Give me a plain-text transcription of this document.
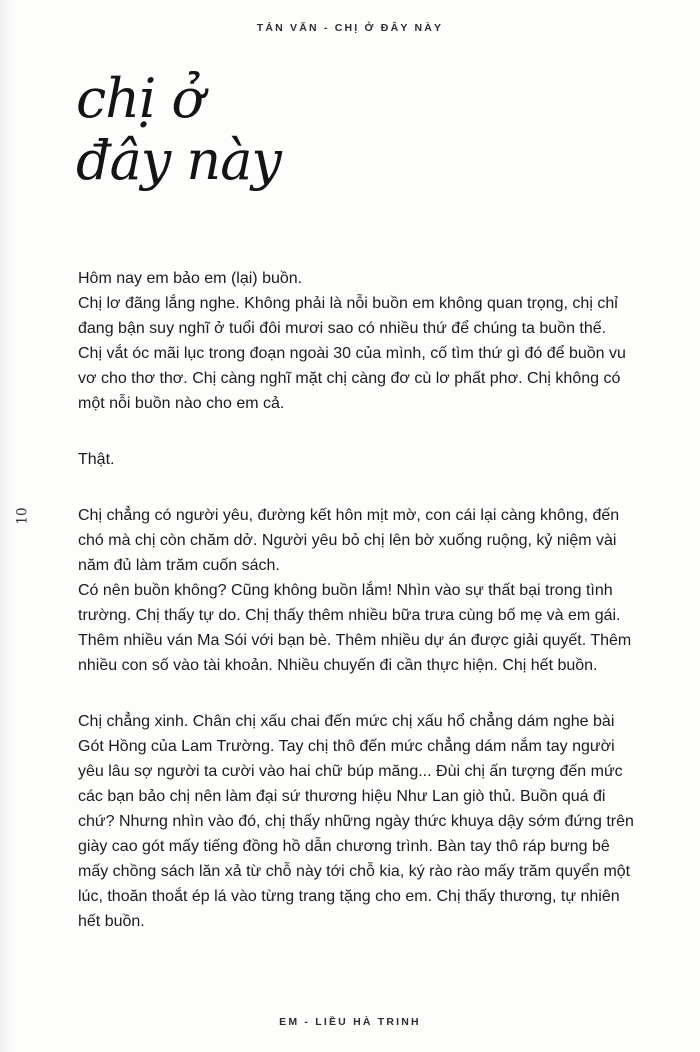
TẢN VĂN - CHỊ Ở ĐÂY NÀY
chị ở
đây này
10

Hôm nay em bảo em (lại) buồn.

Chị lơ đãng lắng nghe. Không phải là nỗi buồn em không quan trọng, chị chỉ đang bận suy nghĩ ở tuổi đôi mươi sao có nhiều thứ để chúng ta buồn thế.

Chị vắt óc mãi lục trong đoạn ngoài 30 của mình, cố tìm thứ gì đó để buồn vu vơ cho thơ thơ. Chị càng nghĩ mặt chị càng đơ cù lơ phất phơ. Chị không có một nỗi buồn nào cho em cả.

Thật.

Chị chẳng có người yêu, đường kết hôn mịt mờ, con cái lại càng không, đến chó mà chị còn chăm dở. Người yêu bỏ chị lên bờ xuống ruộng, kỷ niệm vài năm đủ làm trăm cuốn sách.

Có nên buồn không? Cũng không buồn lắm! Nhìn vào sự thất bại trong tình trường. Chị thấy tự do. Chị thấy thêm nhiều bữa trưa cùng bố mẹ và em gái. Thêm nhiều ván Ma Sói với bạn bè. Thêm nhiều dự án được giải quyết. Thêm nhiều con số vào tài khoản. Nhiều chuyến đi cần thực hiện. Chị hết buồn.

Chị chẳng xinh. Chân chị xấu chai đến mức chị xấu hổ chẳng dám nghe bài Gót Hồng của Lam Trường. Tay chị thô đến mức chẳng dám nắm tay người yêu lâu sợ người ta cười vào hai chữ búp măng... Đùi chị ấn tượng đến mức các bạn bảo chị nên làm đại sứ thương hiệu Như Lan giò thủ. Buồn quá đi chứ? Nhưng nhìn vào đó, chị thấy những ngày thức khuya dậy sớm đứng trên giày cao gót mấy tiếng đồng hồ dẫn chương trình. Bàn tay thô ráp bưng bê mấy chồng sách lăn xả từ chỗ này tới chỗ kia, ký rào rào mấy trăm quyển một lúc, thoăn thoắt ép lá vào từng trang tặng cho em. Chị thấy thương, tự nhiên hết buồn.

EM - LIỀU HÀ TRINH
